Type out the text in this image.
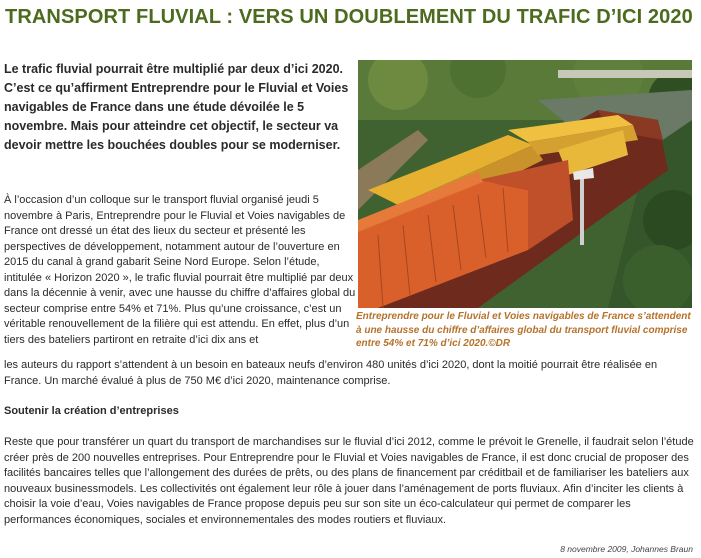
TRANSPORT FLUVIAL : VERS UN DOUBLEMENT DU TRAFIC D’ICI 2020

Le trafic fluvial pourrait être multiplié par deux d’ici 2020. C’est ce qu’affirment Entreprendre pour le Fluvial et Voies navigables de France dans une étude dévoilée le 5 novembre. Mais pour atteindre cet objectif, le secteur va devoir mettre les bouchées doubles pour se moderniser.

Entreprendre pour le Fluvial et Voies navigables de France s’attendent à une hausse du chiffre d’affaires global du transport fluvial comprise entre 54% et 71% d’ici 2020.©DR

À l’occasion d’un colloque sur le transport fluvial organisé jeudi 5 novembre à Paris, Entreprendre pour le Fluvial et Voies navigables de France ont dressé un état des lieux du secteur et présenté les perspectives de développement, notamment autour de l’ouverture en 2015 du canal à grand gabarit Seine Nord Europe. Selon l’étude, intitulée « Horizon 2020 », le trafic fluvial pourrait être multiplié par deux dans la décennie à venir, avec une hausse du chiffre d’affaires global du secteur comprise entre 54% et 71%. Plus qu’une croissance, c’est un véritable renouvellement de la filière qui est attendu. En effet, plus d’un tiers des bateliers partiront en retraite d’ici dix ans et

les auteurs du rapport s’attendent à un besoin en bateaux neufs d’environ 480 unités d’ici 2020, dont la moitié pourrait être réalisée en France. Un marché évalué à plus de 750 M€ d’ici 2020, maintenance comprise.

Soutenir la création d’entreprises

Reste que pour transférer un quart du transport de marchandises sur le fluvial d’ici 2012, comme le prévoit le Grenelle, il faudrait selon l’étude créer près de 200 nouvelles entreprises. Pour Entreprendre pour le Fluvial et Voies navigables de France, il est donc crucial de proposer des facilités bancaires telles que l’allongement des durées de prêts, ou des plans de financement par créditbail et de familiariser les bateliers aux nouveaux businessmodels. Les collectivités ont également leur rôle à jouer dans l’aménagement de ports fluviaux. Afin d’inciter les clients à choisir la voie d’eau, Voies navigables de France propose depuis peu sur son site un éco-calculateur qui permet de comparer les performances économiques, sociales et environnementales des modes routiers et fluviaux.

8 novembre 2009, Johannes Braun
